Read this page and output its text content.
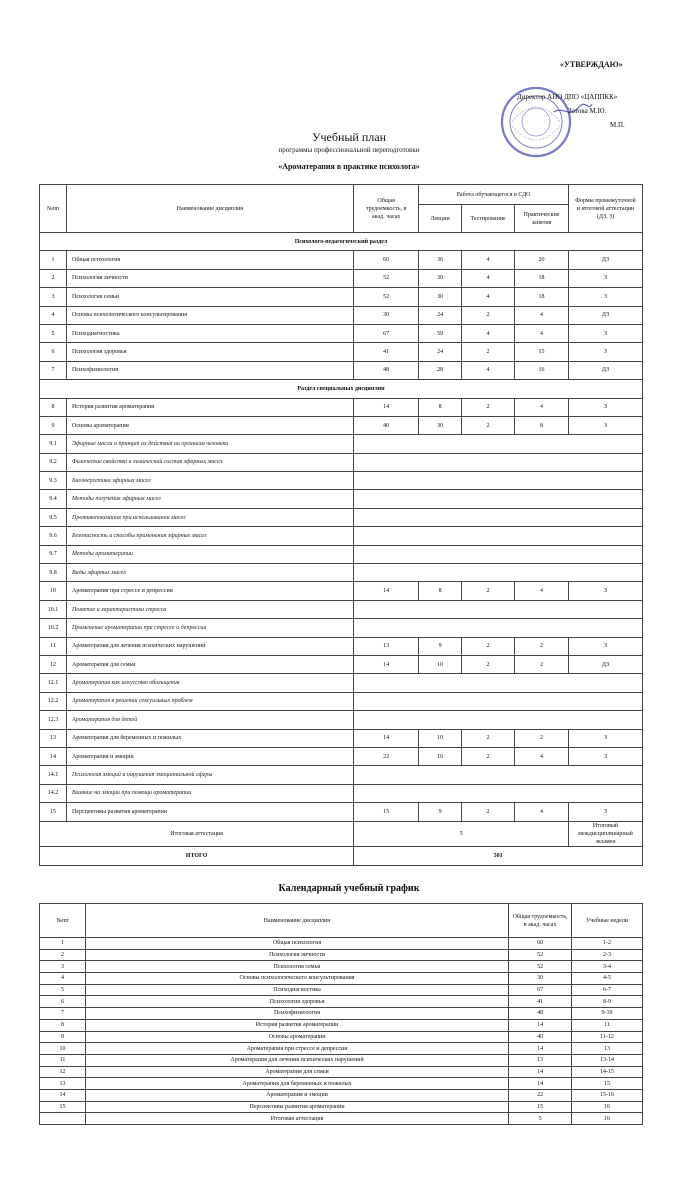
«УТВЕРЖДАЮ»
Директор АНО ДПО «ЦАППКК»
Зотова М.Ю.
М.П.
Учебный план
программы профессиональной переподготовки
«Ароматерапия в практике психолога»
№пп	Наименование дисциплин	Общая трудоемкость, в акад. часах	Работа обучающегося в СДО			Формы промежуточной и итоговой аттестации (ДЗ, З)
			Лекции	Тестирование	Практические занятия	
Психолого-педагогический раздел						
1	Общая психология	60	36	4	20	ДЗ
2	Психология личности	52	30	4	18	З
3	Психология семьи	52	30	4	18	З
4	Основы психологического консультирования	30	24	2	4	ДЗ
5	Психодиагностика	67	59	4	4	З
6	Психология здоровья	41	24	2	15	З
7	Психофизиология	48	28	4	16	ДЗ
Раздел специальных дисциплин						
8	История развития ароматерапии	14	8	2	4	З
9	Основы ароматерапии	40	30	2	8	З
9.1	Эфирные масла и принцип их действия на организм человека					
9.2	Физические свойства и химический состав эфирных масел					
9.3	Биоэнергетика эфирных масел					
9.4	Методы получения эфирных масел					
9.5	Противопоказания при использовании масел					
9.6	Безопасность и способы применения эфирных масел					
9.7	Методы ароматерапии					
9.8	Виды эфирных масел					
10	Ароматерапия при стрессе и депрессии	14	8	2	4	З
10.1	Понятие и характеристика стресса					
10.2	Применение ароматерапии при стрессе и депрессии					
11	Ароматерапия для лечения психических нарушений	13	9	2	2	З
12	Ароматерапия для семьи	14	10	2	2	ДЗ
12.1	Ароматерапия как искусство обольщения					
12.2	Ароматерапия в решении сексуальных проблем					
12.3	Ароматерапия для детей					
13	Ароматерапия для беременных и пожилых	14	10	2	2	З
14	Ароматерапия и эмоции	22	16	2	4	З
14.1	Психология эмоций и нарушения эмоциональной сферы					
14.2	Влияние на эмоции при помощи ароматерапии					
15	Перспективы развития ароматерапии	15	9	2	4	З
Итоговая аттестация		5				Итоговый междисциплинарный экзамен
ИТОГО		501				
Календарный учебный график
№пп	Наименование дисциплин	Общая трудоемкость, в акад. часах	Учебные недели
1	Общая психология	60	1-2
2	Психология личности	52	2-3
3	Психология семьи	52	3-4
4	Основы психологического консультирования	30	4-5
5	Психодиагностика	67	6-7
6	Психология здоровья	41	8-9
7	Психофизиология	48	9-10
8	История развития ароматерапии	14	11
9	Основы ароматерапии	40	11-12
10	Ароматерапия при стрессе и депрессии	14	13
11	Ароматерапия для лечения психических нарушений	13	13-14
12	Ароматерапия для семьи	14	14-15
13	Ароматерапия для беременных и пожилых	14	15
14	Ароматерапия и эмоции	22	15-16
15	Перспективы развития ароматерапии	15	16
	Итоговая аттестация	5	16
